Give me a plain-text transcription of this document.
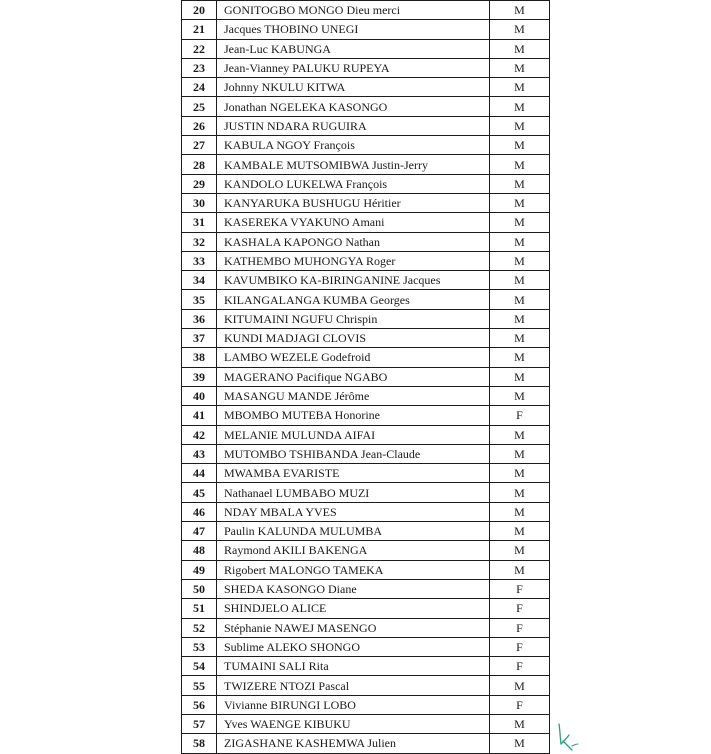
20	GONITOGBO MONGO Dieu merci	M
21	Jacques THOBINO UNEGI	M
22	Jean-Luc KABUNGA	M
23	Jean-Vianney PALUKU RUPEYA	M
24	Johnny NKULU KITWA	M
25	Jonathan NGELEKA KASONGO	M
26	JUSTIN NDARA RUGUIRA	M
27	KABULA NGOY François	M
28	KAMBALE MUTSOMIBWA Justin-Jerry	M
29	KANDOLO LUKELWA François	M
30	KANYARUKA BUSHUGU Héritier	M
31	KASEREKA VYAKUNO Amani	M
32	KASHALA KAPONGO Nathan	M
33	KATHEMBO MUHONGYA Roger	M
34	KAVUMBIKO KA-BIRINGANINE Jacques	M
35	KILANGALANGA KUMBA Georges	M
36	KITUMAINI NGUFU Chrispin	M
37	KUNDI MADJAGI CLOVIS	M
38	LAMBO WEZELE Godefroid	M
39	MAGERANO Pacifique NGABO	M
40	MASANGU MANDE Jérôme	M
41	MBOMBO MUTEBA Honorine	F
42	MELANIE MULUNDA AIFAI	M
43	MUTOMBO TSHIBANDA Jean-Claude	M
44	MWAMBA EVARISTE	M
45	Nathanael LUMBABO MUZI	M
46	NDAY MBALA YVES	M
47	Paulin KALUNDA MULUMBA	M
48	Raymond AKILI BAKENGA	M
49	Rigobert MALONGO TAMEKA	M
50	SHEDA KASONGO Diane	F
51	SHINDJELO ALICE	F
52	Stéphanie NAWEJ MASENGO	F
53	Sublime ALEKO SHONGO	F
54	TUMAINI SALI Rita	F
55	TWIZERE NTOZI Pascal	M
56	Vivianne BIRUNGI LOBO	F
57	Yves WAENGE KIBUKU	M
58	ZIGASHANE KASHEMWA Julien	M
